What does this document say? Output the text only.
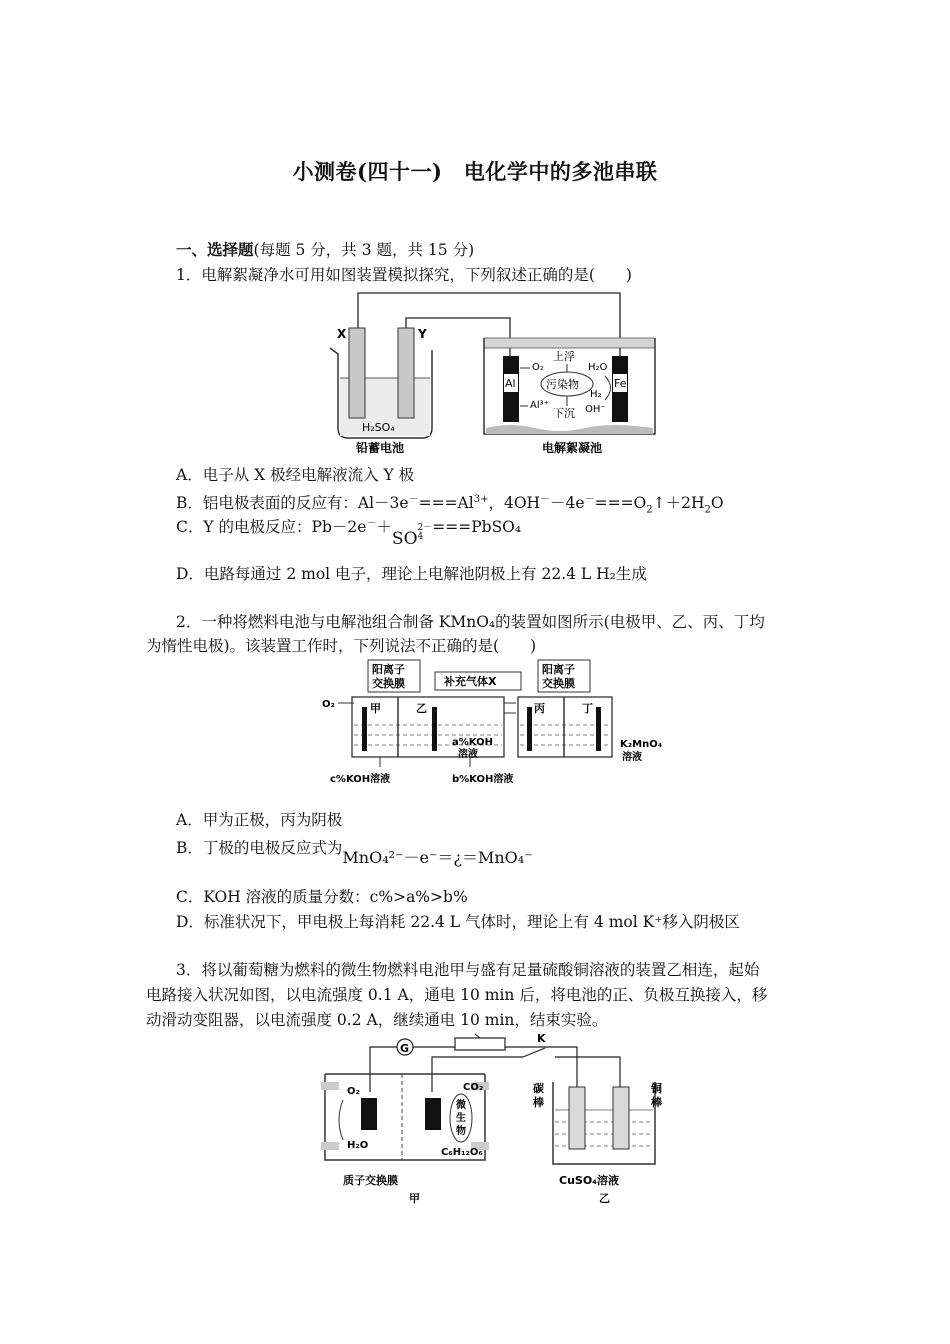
小测卷(四十一)　电化学中的多池串联
一、选择题(每题 5 分，共 3 题，共 15 分)
1．电解絮凝净水可用如图装置模拟探究，下列叙述正确的是(　　)
X	Y
H₂SO₄
铅蓄电池
Al	Fe
污染物
上浮
下沉
O₂
Al³⁺
H₂O
H₂
OH⁻
电解絮凝池
A．电子从 X 极经电解液流入 Y 极
B．铝电极表面的反应有：$Al-3e^-===Al^{3+}$，$4OH^--4e^-===O_2↑+2H_2O$
C．Y 的电极反应：Pb－2e－＋SO
2－
4
===PbSO₄
D．电路每通过 2 mol 电子，理论上电解池阴极上有 22.4 L H₂生成
2．一种将燃料电池与电解池组合制备 KMnO₄的装置如图所示(电极甲、乙、丙、丁均
为惰性电极)。该装置工作时，下列说法不正确的是(　　)
阳离子
交换膜
阳离子
交换膜
补充气体X
甲	乙	丙	丁
O₂
a%KOH
溶液
K₂MnO₄
溶液
c%KOH溶液	b%KOH溶液
A．甲为正极，丙为阴极
B．丁极的电极反应式为MnO₄²⁻－e⁻＝¿＝MnO₄⁻
C．KOH 溶液的质量分数：c%>a%>b%
D．标准状况下，甲电极上每消耗 22.4 L 气体时，理论上有 4 mol K⁺移入阴极区
3．将以葡萄糖为燃料的微生物燃料电池甲与盛有足量硫酸铜溶液的装置乙相连，起始
电路接入状况如图，以电流强度 0.1 A，通电 10 min 后，将电池的正、负极互换接入，移
动滑动变阻器，以电流强度 0.2 A，继续通电 10 min，结束实验。
G
K
O₂
H₂O
CO₂
微
生
物
C₆H₁₂O₆
质子交换膜
甲
碳
棒
铜
棒
CuSO₄溶液
乙
